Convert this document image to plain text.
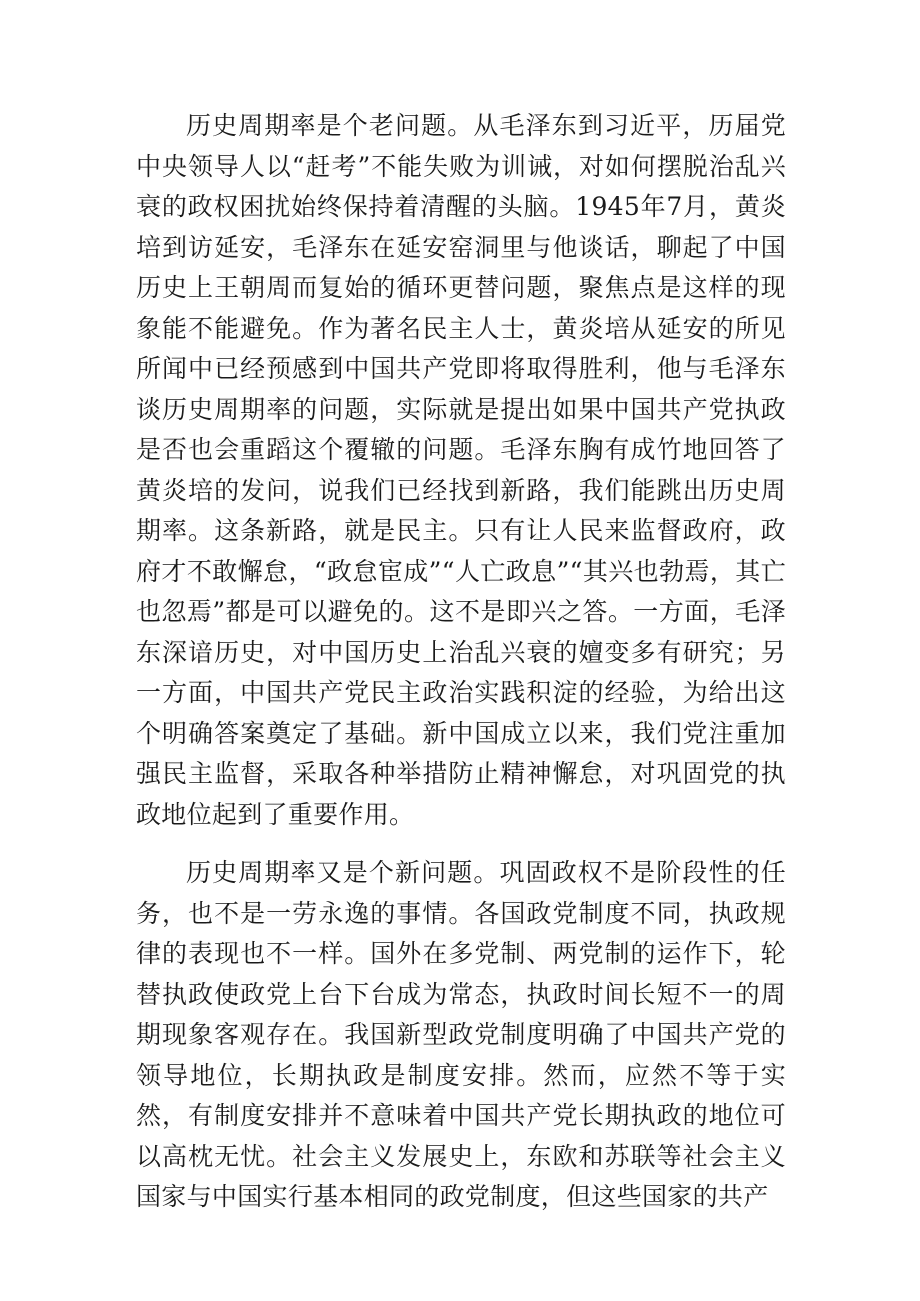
历史周期率是个老问题。从毛泽东到习近平，历届党中央领导人以“赶考”不能失败为训诫，对如何摆脱治乱兴衰的政权困扰始终保持着清醒的头脑。1945年7月，黄炎培到访延安，毛泽东在延安窑洞里与他谈话，聊起了中国历史上王朝周而复始的循环更替问题，聚焦点是这样的现象能不能避免。作为著名民主人士，黄炎培从延安的所见所闻中已经预感到中国共产党即将取得胜利，他与毛泽东谈历史周期率的问题，实际就是提出如果中国共产党执政是否也会重蹈这个覆辙的问题。毛泽东胸有成竹地回答了黄炎培的发问，说我们已经找到新路，我们能跳出历史周期率。这条新路，就是民主。只有让人民来监督政府，政府才不敢懈怠，“政怠宦成”“人亡政息”“其兴也勃焉，其亡也忽焉”都是可以避免的。这不是即兴之答。一方面，毛泽东深谙历史，对中国历史上治乱兴衰的嬗变多有研究；另一方面，中国共产党民主政治实践积淀的经验，为给出这个明确答案奠定了基础。新中国成立以来，我们党注重加强民主监督，采取各种举措防止精神懈怠，对巩固党的执政地位起到了重要作用。

历史周期率又是个新问题。巩固政权不是阶段性的任务，也不是一劳永逸的事情。各国政党制度不同，执政规律的表现也不一样。国外在多党制、两党制的运作下，轮替执政使政党上台下台成为常态，执政时间长短不一的周期现象客观存在。我国新型政党制度明确了中国共产党的领导地位，长期执政是制度安排。然而，应然不等于实然，有制度安排并不意味着中国共产党长期执政的地位可以高枕无忧。社会主义发展史上，东欧和苏联等社会主义国家与中国实行基本相同的政党制度，但这些国家的共产
